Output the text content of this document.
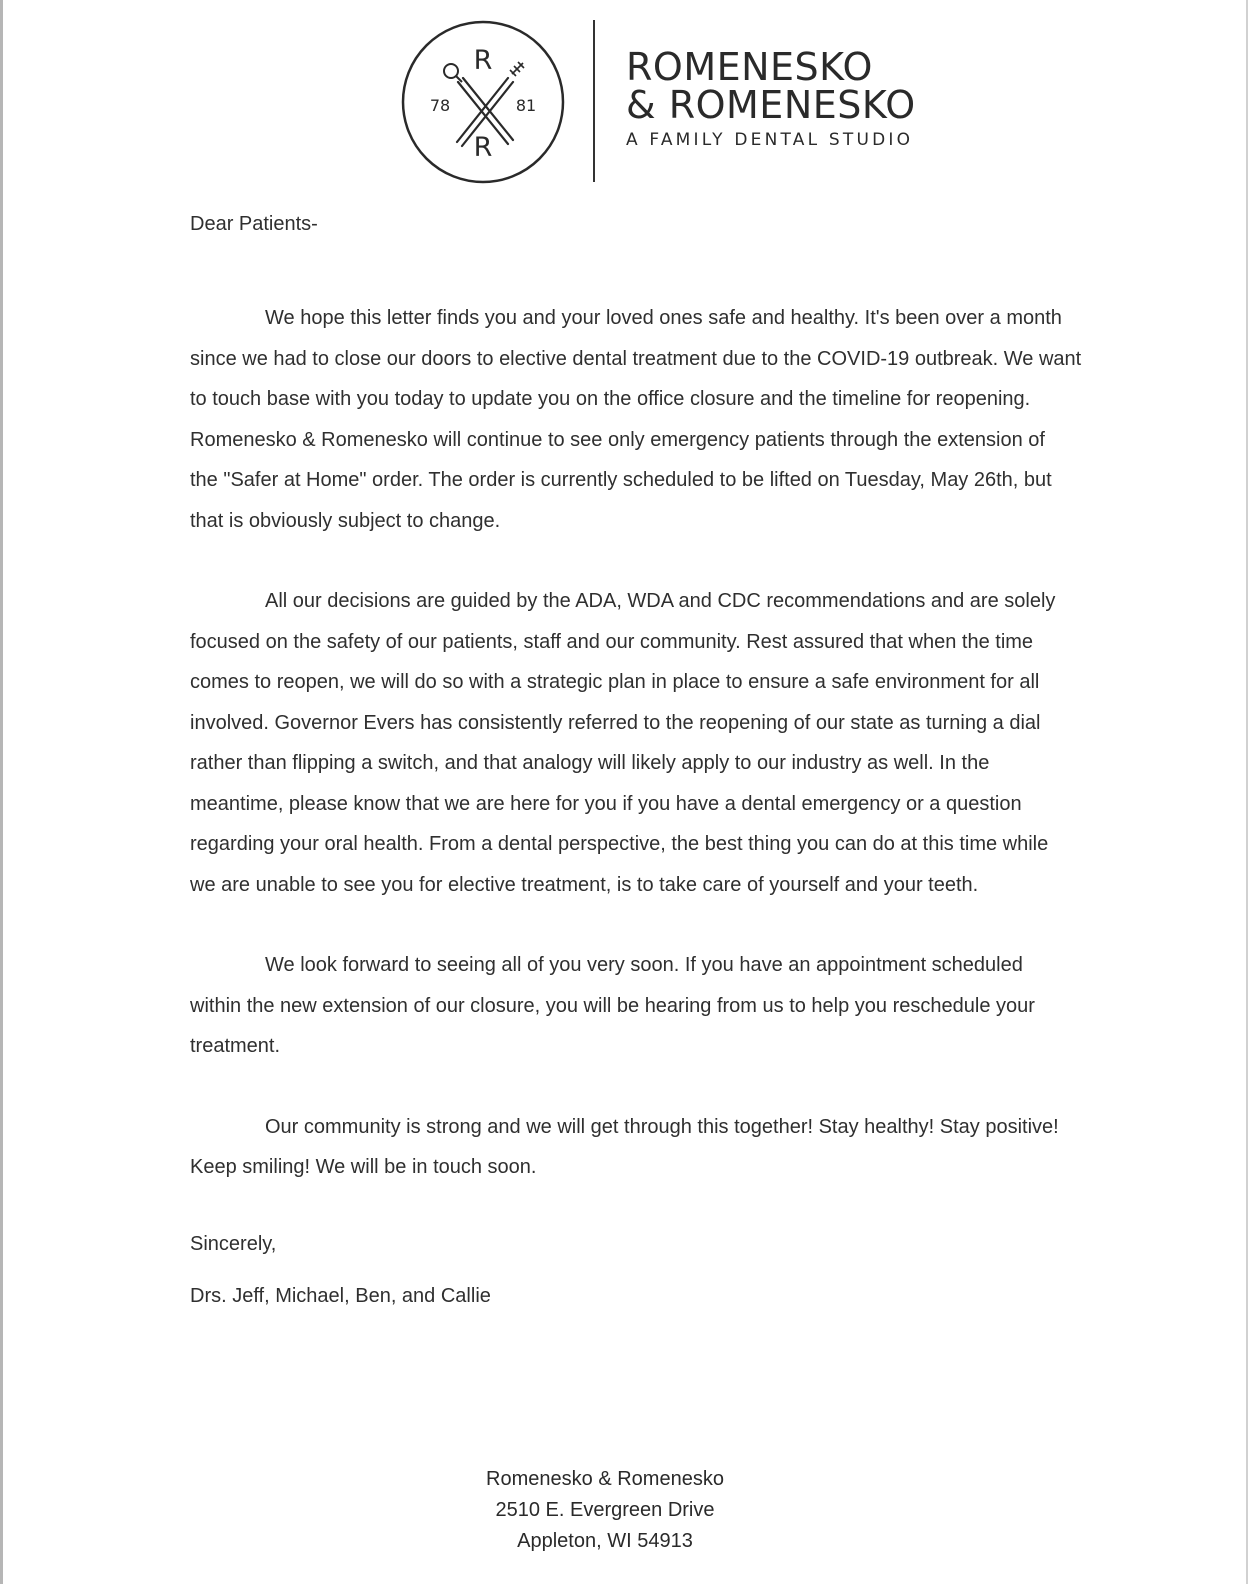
R
R
78	81
ROMENESKO
& ROMENESKO
A FAMILY DENTAL STUDIO
Dear Patients-

We hope this letter finds you and your loved ones safe and healthy. It's been over a month
since we had to close our doors to elective dental treatment due to the COVID-19 outbreak. We want
to touch base with you today to update you on the office closure and the timeline for reopening.
Romenesko & Romenesko will continue to see only emergency patients through the extension of
the "Safer at Home" order. The order is currently scheduled to be lifted on Tuesday, May 26th, but
that is obviously subject to change.

All our decisions are guided by the ADA, WDA and CDC recommendations and are solely
focused on the safety of our patients, staff and our community. Rest assured that when the time
comes to reopen, we will do so with a strategic plan in place to ensure a safe environment for all
involved. Governor Evers has consistently referred to the reopening of our state as turning a dial
rather than flipping a switch, and that analogy will likely apply to our industry as well. In the
meantime, please know that we are here for you if you have a dental emergency or a question
regarding your oral health. From a dental perspective, the best thing you can do at this time while
we are unable to see you for elective treatment, is to take care of yourself and your teeth.

We look forward to seeing all of you very soon. If you have an appointment scheduled
within the new extension of our closure, you will be hearing from us to help you reschedule your
treatment.

Our community is strong and we will get through this together! Stay healthy! Stay positive!
Keep smiling! We will be in touch soon.

Sincerely,
Drs. Jeff, Michael, Ben, and Callie
Romenesko & Romenesko
2510 E. Evergreen Drive
Appleton, WI 54913
